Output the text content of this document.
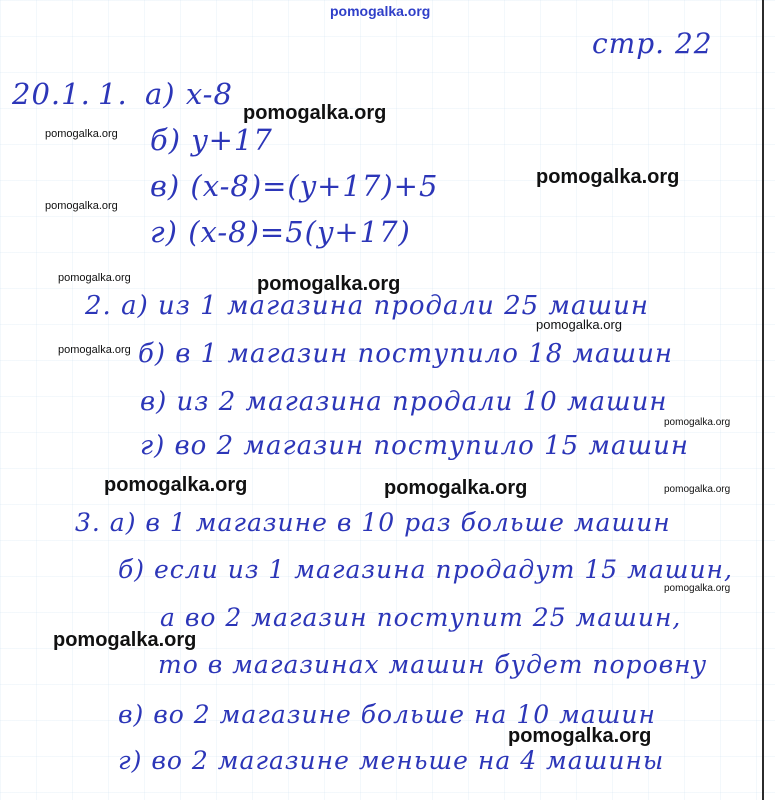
pomogalka.org
стр. 22
20.1. 1. а) x-8
б) y+17
в) (x-8)=(y+17)+5
г) (x-8)=5(y+17)
2. а) из 1 магазина продали 25 машин
б) в 1 магазин поступило 18 машин
в) из 2 магазина продали 10 машин
г) во 2 магазин поступило 15 машин
3. а) в 1 магазине в 10 раз больше машин
б) если из 1 магазина продадут 15 машин,
а во 2 магазин поступит 25 машин,
то в магазинах машин будет поровну
в) во 2 магазине больше на 10 машин
г) во 2 магазине меньше на 4 машины
pomogalka.org
pomogalka.org
pomogalka.org
pomogalka.org
pomogalka.org	pomogalka.org
pomogalka.org
pomogalka.org
pomogalka.org
pomogalka.org	pomogalka.org	pomogalka.org
pomogalka.org
pomogalka.org
pomogalka.org
